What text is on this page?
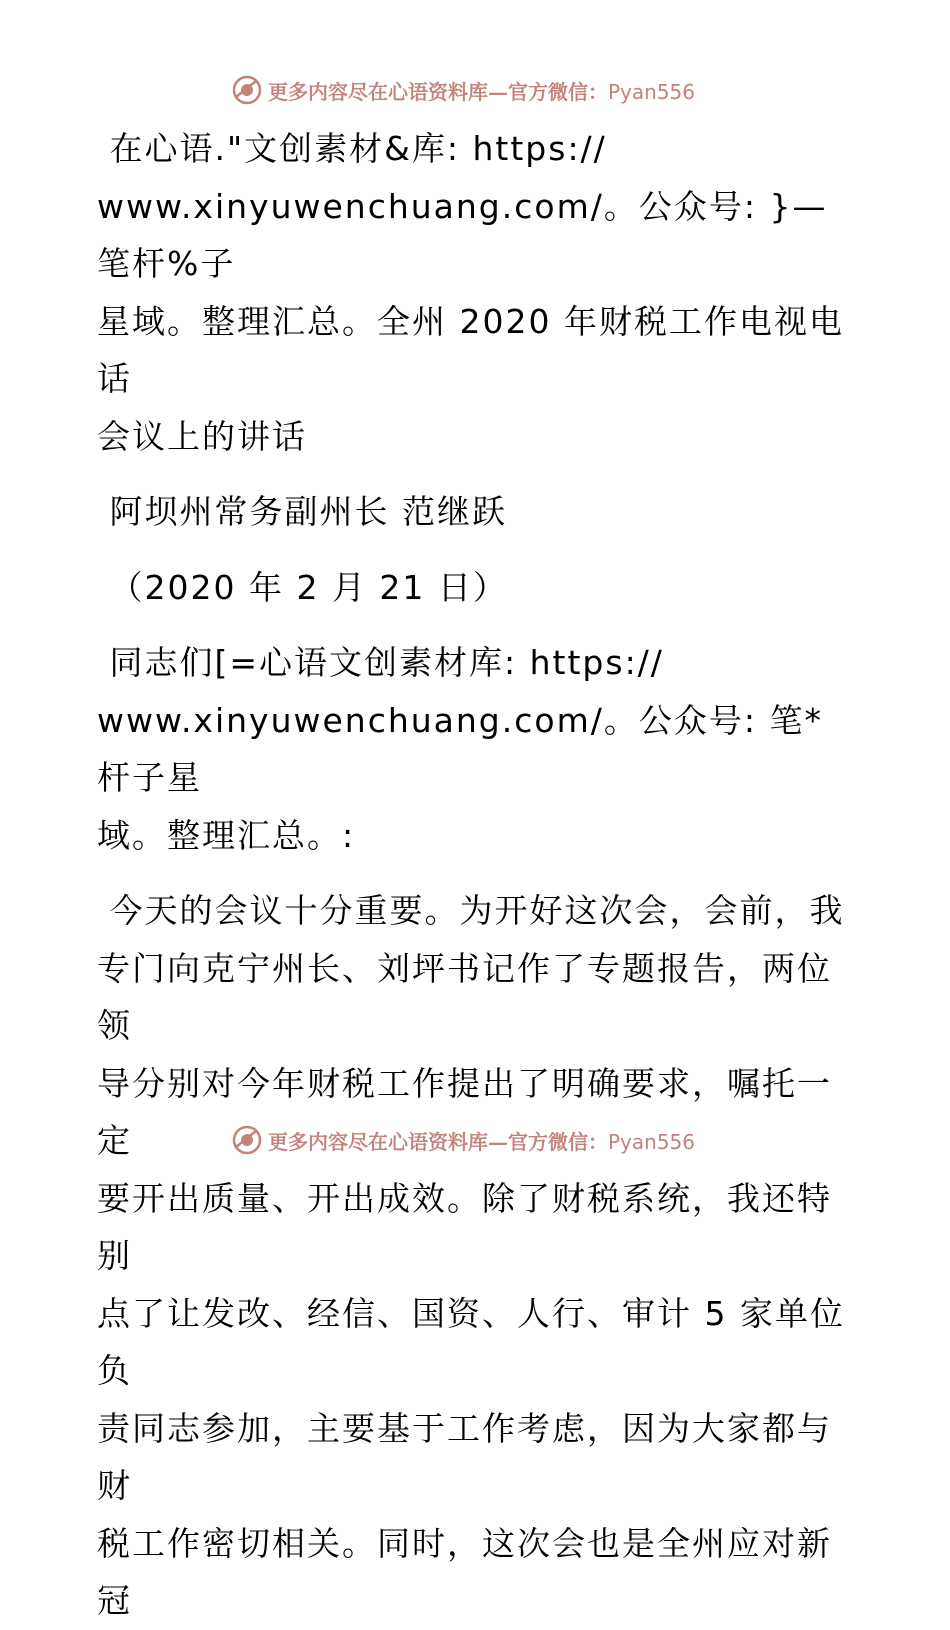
更多内容尽在心语资料库—官方微信：Pyan556

在心语."文创素材&库: https://

www.xinyuwenchuang.com/。公众号: }—笔杆%子

星域。整理汇总。全州 2020 年财税工作电视电话

会议上的讲话

阿坝州常务副州长 范继跃

（2020 年 2 月 21 日）

同志们[=心语文创素材库: https://

www.xinyuwenchuang.com/。公众号: 笔*杆子星

域。整理汇总。:

今天的会议十分重要。为开好这次会，会前，我

专门向克宁州长、刘坪书记作了专题报告，两位领

导分别对今年财税工作提出了明确要求，嘱托一定

要开出质量、开出成效。除了财税系统，我还特别

点了让发改、经信、国资、人行、审计 5 家单位负

责同志参加，主要基于工作考虑，因为大家都与财

税工作密切相关。同时，这次会也是全州应对新冠

更多内容尽在心语资料库—官方微信：Pyan556
